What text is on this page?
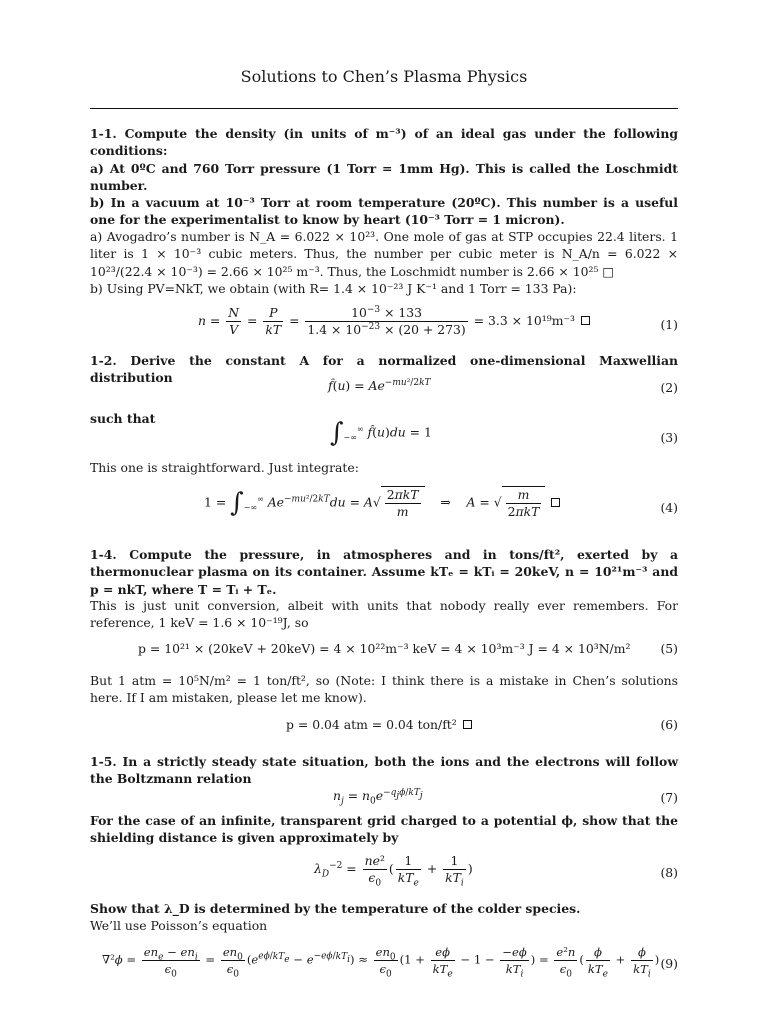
Solutions to Chen’s Plasma Physics
1-1. Compute the density (in units of m⁻³) of an ideal gas under the following conditions:
a) At 0ºC and 760 Torr pressure (1 Torr = 1mm Hg). This is called the Loschmidt number.
b) In a vacuum at 10⁻³ Torr at room temperature (20ºC). This number is a useful one for the experimentalist to know by heart (10⁻³ Torr = 1 micron).
a) Avogadro’s number is N_A = 6.022 × 10²³. One mole of gas at STP occupies 22.4 liters. 1 liter is 1 × 10⁻³ cubic meters. Thus, the number per cubic meter is N_A/n = 6.022 × 10²³/(22.4 × 10⁻³) = 2.66 × 10²⁵ m⁻³. Thus, the Loschmidt number is 2.66 × 10²⁵ □
b) Using PV=NkT, we obtain (with R= 1.4 × 10⁻²³ J K⁻¹ and 1 Torr = 133 Pa):
$n = \frac{N}{V} = \frac{P}{kT} = \frac{10^{-3} \times 133}{1.4 \times 10^{-23} \times (20 + 273)} = 3.3 \times 10^{19}m^{-3}$	(1)
1-2. Derive the constant A for a normalized one-dimensional Maxwellian distribution
f̂(u) = $Ae^{-mu^2/2kT}$	(2)
such that	$\int_{-\infty}^\infty$ f̂(u)du = 1	(3)
This one is straightforward. Just integrate:
$1 = \int_{-\infty}^\infty$ $Ae^{-mu^2/2kT}du = A√ \frac{\text{2πkT}}{m}$ ⇒    A = √ $\frac{m}{\text{2πkT}}$	(4)
1-4. Compute the pressure, in atmospheres and in tons/ft², exerted by a thermonuclear plasma on its container. Assume kTₑ = kTᵢ = 20keV, n = 10²¹m⁻³ and p = nkT, where T = Tᵢ + Tₑ.
This is just unit conversion, albeit with units that nobody really ever remembers. For reference, 1 keV = 1.6 × 10⁻¹⁹J, so
p = 10²¹ × (20keV + 20keV) = 4 × 10²²m⁻³ keV = 4 × 10³m⁻³ J = 4 × 10³N/m² (5)
But 1 atm = 10⁵N/m² = 1 ton/ft², so (Note: I think there is a mistake in Chen’s solutions here. If I am mistaken, please let me know).
p = 0.04 atm = 0.04 ton/ft²	(6)
1-5. In a strictly steady state situation, both the ions and the electrons will follow the Boltzmann relation
$n_j = n_0e^{-q_j\phi/kT_j}$	(7)
For the case of an infinite, transparent grid charged to a potential ϕ, show that the shielding distance is given approximately by
$\lambda_D^{-2} = \frac{\text{ne²}}{\epsilon_0}$ ( $\frac{1}{kT_e} + \frac{1}{kT_i}$ )	(8)
Show that λ_D is determined by the temperature of the colder species.
We’ll use Poisson’s equation
$\nabla^2\phi = \frac{en_e - en_i}{\epsilon_0} = \frac{en_0}{\epsilon_0} (e^{e\phi/kT_e} - e^{-e\phi/kT_i}) \approx \frac{en_0}{\epsilon_0} (1 + \frac{e\phi}{kT_e} - 1 - \frac{-e\phi}{kT_i}$ ) = $\frac{\text{e²n}}{\epsilon_0}$ ( $\frac{\phi}{kT_e} + \frac{\phi}{kT_i}$ ) (9)
